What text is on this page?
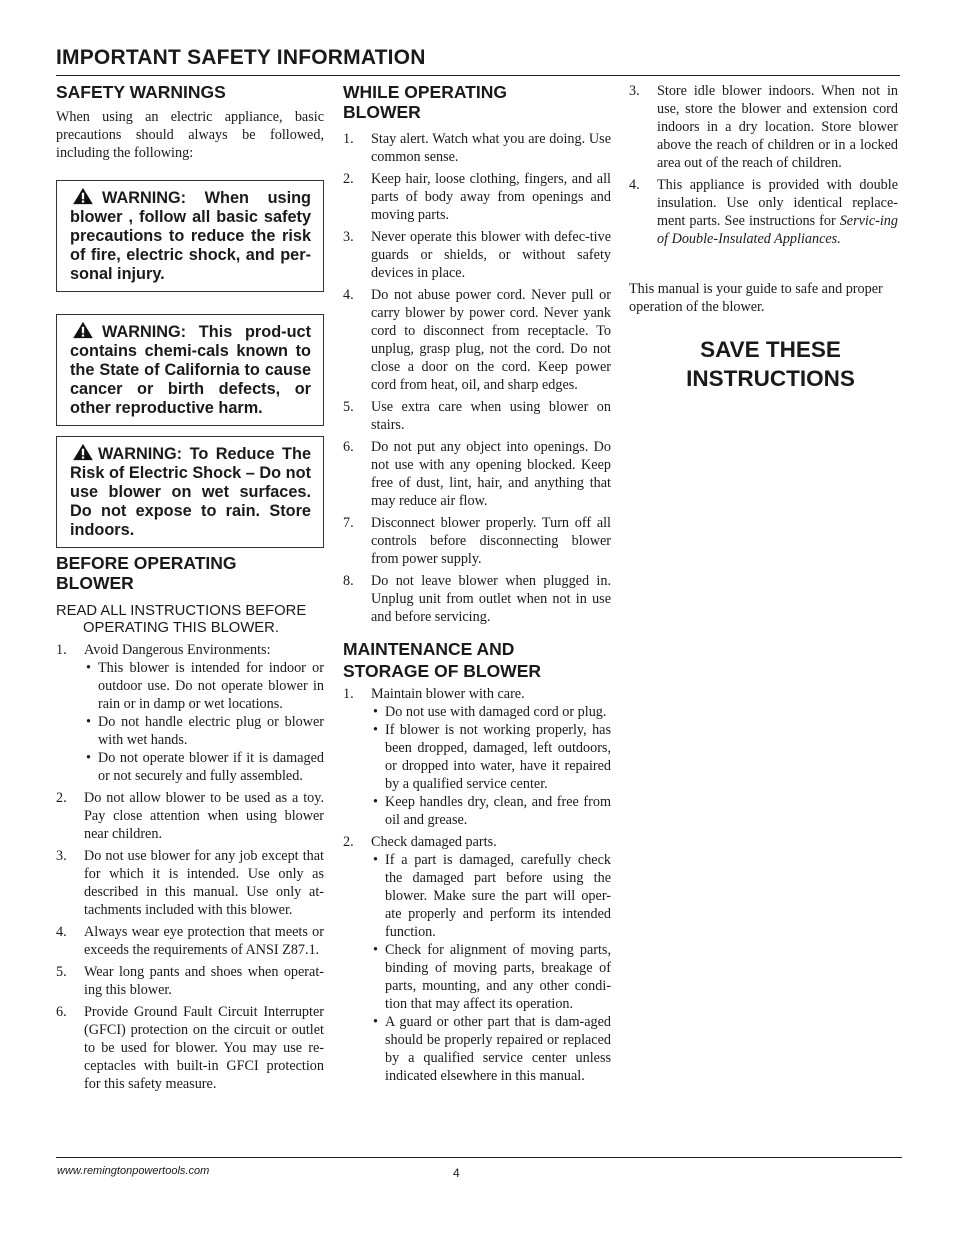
IMPORTANT SAFETY INFORMATION
SAFETY WARNINGS

When using an electric appliance, basic precautions should always be followed, including the following:

WARNING: When using blower , follow all basic safety precautions to reduce the risk of fire, electric shock, and per-sonal injury.
WARNING: This prod-uct contains chemi-cals known to the State of California to cause cancer or birth defects, or other reproductive harm.
WARNING: To Reduce The Risk of Electric Shock – Do not use blower on wet surfaces. Do not expose to rain. Store indoors.
BEFORE OPERATING
BLOWER
READ ALL INSTRUCTIONS BEFORE
OPERATING THIS BLOWER.
1. Avoid Dangerous Environments:
• This blower is intended for indoor or outdoor use. Do not operate blower in rain or in damp or wet locations.
• Do not handle electric plug or blower with wet hands.
• Do not operate blower if it is damaged or not securely and fully assembled.
2. Do not allow blower to be used as a toy. Pay close attention when using blower near children.
3. Do not use blower for any job except that for which it is intended. Use only as described in this manual. Use only at-tachments included with this blower.
4. Always wear eye protection that meets or exceeds the requirements of ANSI Z87.1.
5. Wear long pants and shoes when operat-ing this blower.
6. Provide Ground Fault Circuit Interrupter (GFCI) protection on the circuit or outlet to be used for blower. You may use re-ceptacles with built-in GFCI protection for this safety measure.
WHILE OPERATING
BLOWER
1. Stay alert. Watch what you are doing. Use common sense.
2. Keep hair, loose clothing, fingers, and all parts of body away from openings and moving parts.
3. Never operate this blower with defec-tive guards or shields, or without safety devices in place.
4. Do not abuse power cord. Never pull or carry blower by power cord. Never yank cord to disconnect from receptacle. To unplug, grasp plug, not the cord. Do not close a door on the cord. Keep power cord from heat, oil, and sharp edges.
5. Use extra care when using blower on stairs.
6. Do not put any object into openings. Do not use with any opening blocked. Keep free of dust, lint, hair, and anything that may reduce air flow.
7. Disconnect blower properly. Turn off all controls before disconnecting blower from power supply.
8. Do not leave blower when plugged in. Unplug unit from outlet when not in use and before servicing.
MAINTENANCE AND
STORAGE OF BLOWER
1. Maintain blower with care.
• Do not use with damaged cord or plug.
• If blower is not working properly, has been dropped, damaged, left outdoors, or dropped into water, have it repaired by a qualified service center.
• Keep handles dry, clean, and free from oil and grease.
2. Check damaged parts.
• If a part is damaged, carefully check the damaged part before using the blower. Make sure the part will oper-ate properly and perform its intended function.
• Check for alignment of moving parts, binding of moving parts, breakage of parts, mounting, and any other condi-tion that may affect its operation.
• A guard or other part that is dam-aged should be properly repaired or replaced by a qualified service center unless indicated elsewhere in this manual.
3. Store idle blower indoors. When not in use, store the blower and extension cord indoors in a dry location. Store blower above the reach of children or in a locked area out of the reach of children.
4. This appliance is provided with double insulation. Use only identical replace-ment parts. See instructions for Servic-ing of Double-Insulated Appliances.

This manual is your guide to safe and proper operation of the blower.

SAVE THESE
INSTRUCTIONS
www.remingtonpowertools.com	4
